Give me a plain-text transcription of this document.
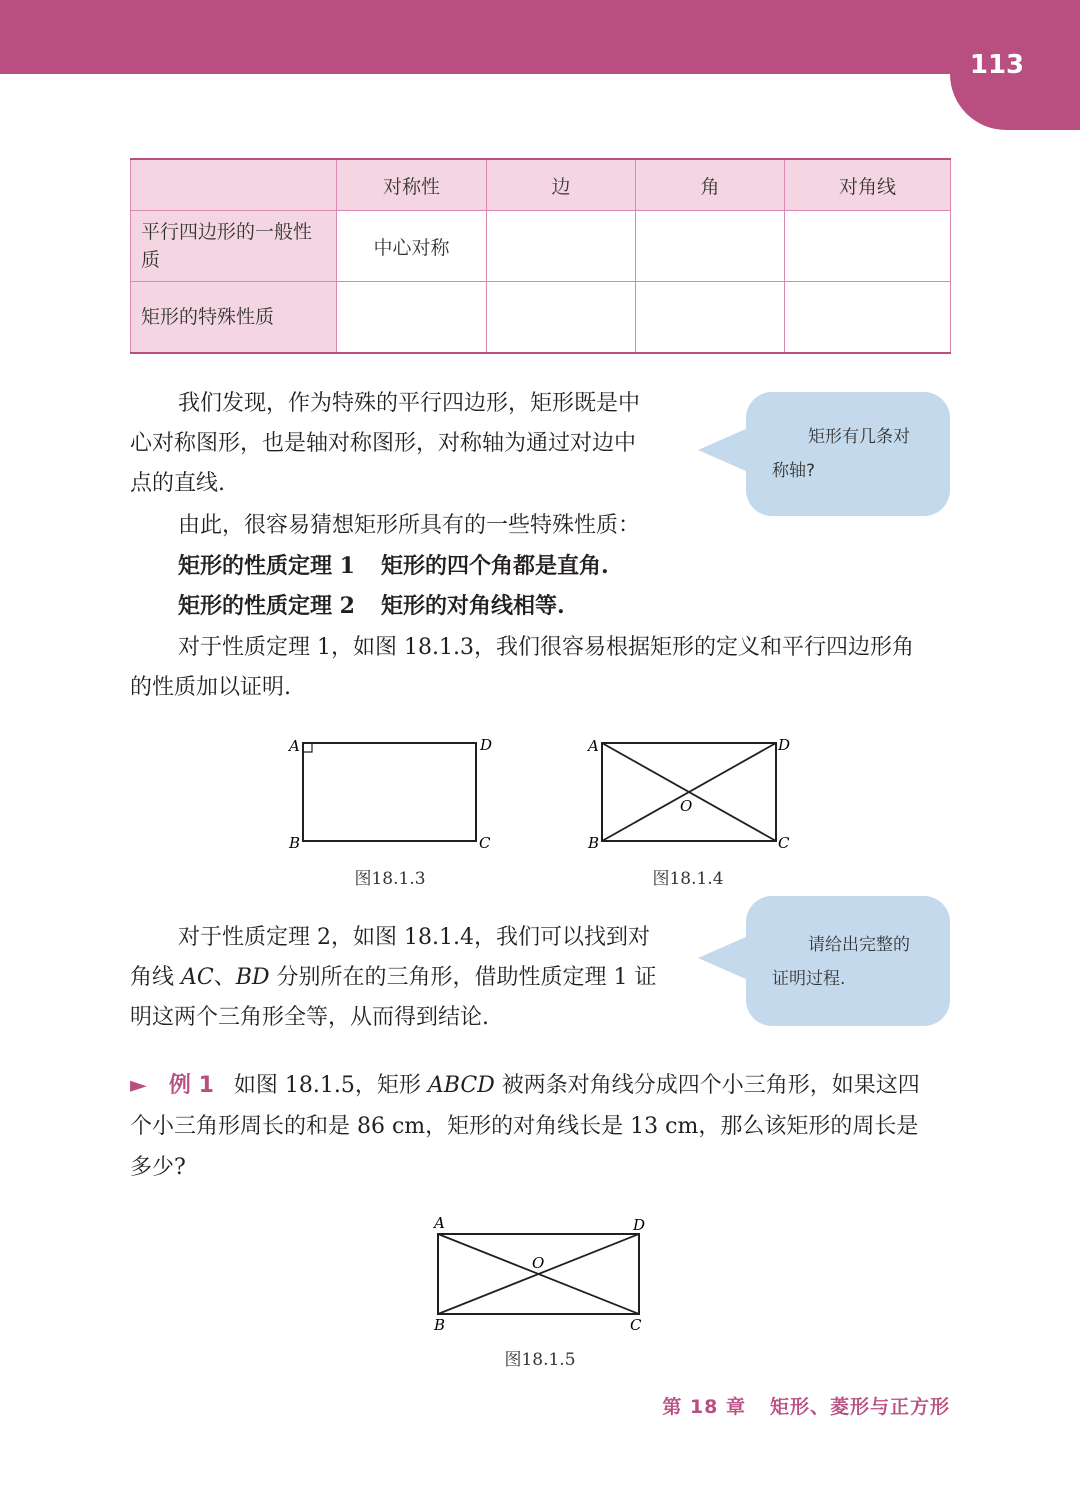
113
	对称性	边	角	对角线
平行四边形的一般性质	中心对称			
矩形的特殊性质				
我们发现，作为特殊的平行四边形，矩形既是中
心对称图形，也是轴对称图形，对称轴为通过对边中
点的直线.
矩形有几条对
称轴?
由此，很容易猜想矩形所具有的一些特殊性质：
矩形的性质定理 1 矩形的四个角都是直角.
矩形的性质定理 2 矩形的对角线相等.
对于性质定理 1，如图 18.1.3，我们很容易根据矩形的定义和平行四边形角
的性质加以证明.
A	D
B	C
图18.1.3
A	D
B	C
O
图18.1.4
对于性质定理 2，如图 18.1.4，我们可以找到对
角线 AC、BD 分别所在的三角形，借助性质定理 1 证
明这两个三角形全等，从而得到结论.
请给出完整的
证明过程.
► 例 1 如图 18.1.5，矩形 ABCD 被两条对角线分成四个小三角形，如果这四
个小三角形周长的和是 86 cm，矩形的对角线长是 13 cm，那么该矩形的周长是
多少?
A	D
B	C
O
图18.1.5
第 18 章 矩形、菱形与正方形
